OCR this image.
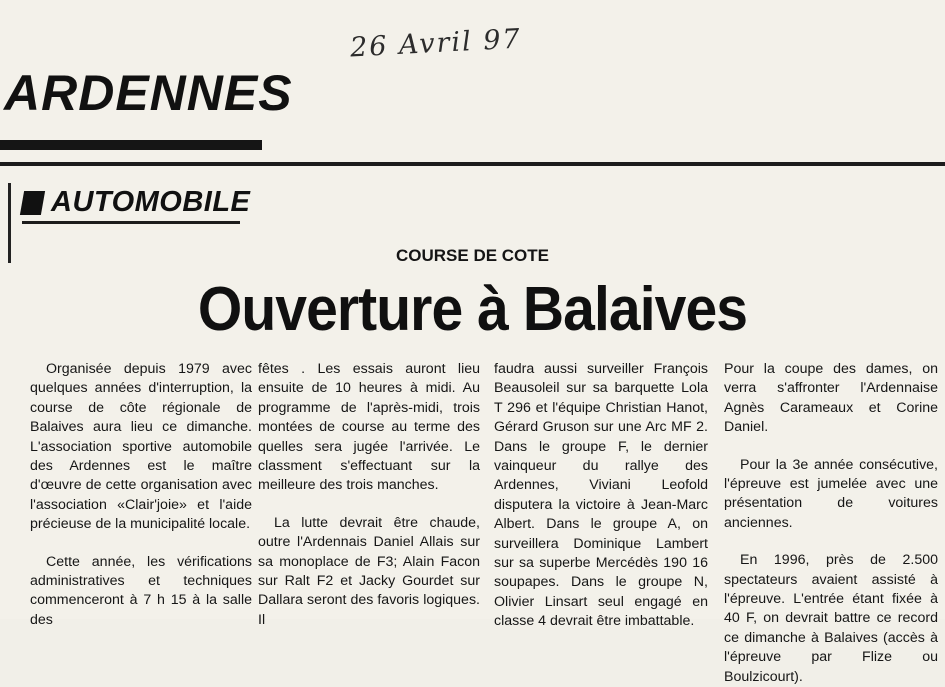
26 Avril 97
ARDENNES
AUTOMOBILE
COURSE DE COTE
Ouverture à Balaives

Organisée depuis 1979 avec quelques années d'interruption, la course de côte régionale de Balaives aura lieu ce dimanche. L'association sportive automobile des Ardennes est le maître d'œuvre de cette organisation avec l'association «Clair'joie» et l'aide précieuse de la municipalité locale.

Cette année, les vérifications administratives et techniques commenceront à 7 h 15 à la salle des

fêtes . Les essais auront lieu ensuite de 10 heures à midi. Au programme de l'après-midi, trois montées de course au terme des quelles sera jugée l'arrivée. Le classment s'effectuant sur la meilleure des trois manches.

La lutte devrait être chaude, outre l'Ardennais Daniel Allais sur sa monoplace de F3; Alain Facon sur Ralt F2 et Jacky Gourdet sur Dallara seront des favoris logiques. Il

faudra aussi surveiller François Beausoleil sur sa barquette Lola T 296 et l'équipe Christian Hanot, Gérard Gruson sur une Arc MF 2. Dans le groupe F, le dernier vainqueur du rallye des Ardennes, Viviani Leofold disputera la victoire à Jean-Marc Albert. Dans le groupe A, on surveillera Dominique Lambert sur sa superbe Mercédès 190 16 soupapes. Dans le groupe N, Olivier Linsart seul engagé en classe 4 devrait être imbattable.

Pour la coupe des dames, on verra s'affronter l'Ardennaise Agnès Carameaux et Corine Daniel.

Pour la 3e année consécutive, l'épreuve est jumelée avec une présentation de voitures anciennes.

En 1996, près de 2.500 spectateurs avaient assisté à l'épreuve. L'entrée étant fixée à 40 F, on devrait battre ce record ce dimanche à Balaives (accès à l'épreuve par Flize ou Boulzicourt).
